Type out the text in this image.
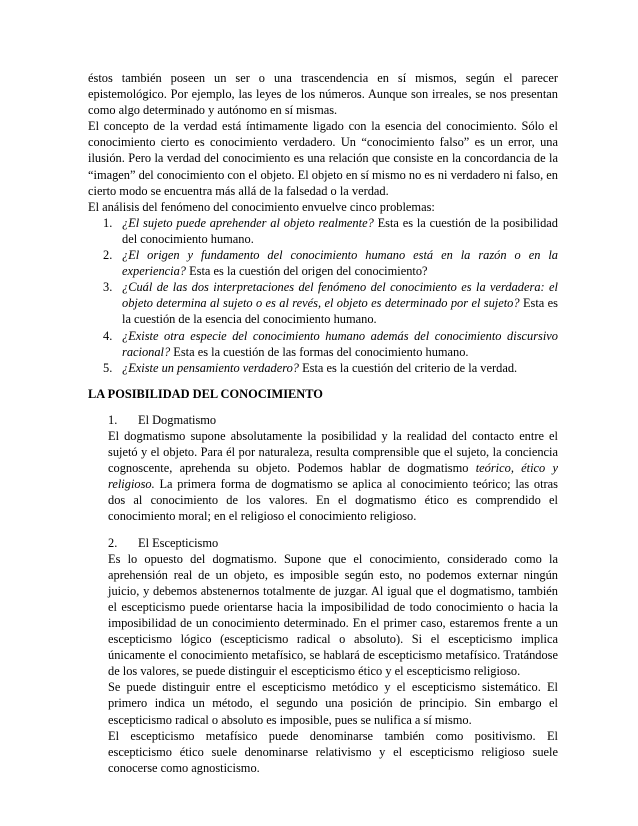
éstos también poseen un ser o una trascendencia en sí mismos, según el parecer epistemológico. Por ejemplo, las leyes de los números. Aunque son irreales, se nos presentan como algo determinado y autónomo en sí mismas.

El concepto de la verdad está íntimamente ligado con la esencia del conocimiento. Sólo el conocimiento cierto es conocimiento verdadero. Un “conocimiento falso” es un error, una ilusión. Pero la verdad del conocimiento es una relación que consiste en la concordancia de la “imagen” del conocimiento con el objeto. El objeto en sí mismo no es ni verdadero ni falso, en cierto modo se encuentra más allá de la falsedad o la verdad.

El análisis del fenómeno del conocimiento envuelve cinco problemas:

1. ¿El sujeto puede aprehender al objeto realmente? Esta es la cuestión de la posibilidad del conocimiento humano.
2. ¿El origen y fundamento del conocimiento humano está en la razón o en la experiencia? Esta es la cuestión del origen del conocimiento?
3. ¿Cuál de las dos interpretaciones del fenómeno del conocimiento es la verdadera: el objeto determina al sujeto o es al revés, el objeto es determinado por el sujeto? Esta es la cuestión de la esencia del conocimiento humano.
4. ¿Existe otra especie del conocimiento humano además del conocimiento discursivo racional? Esta es la cuestión de las formas del conocimiento humano.
5. ¿Existe un pensamiento verdadero? Esta es la cuestión del criterio de la verdad.
LA POSIBILIDAD DEL CONOCIMIENTO
1. El Dogmatismo

El dogmatismo supone absolutamente la posibilidad y la realidad del contacto entre el sujetó y el objeto. Para él por naturaleza, resulta comprensible que el sujeto, la conciencia cognoscente, aprehenda su objeto. Podemos hablar de dogmatismo teórico, ético y religioso. La primera forma de dogmatismo se aplica al conocimiento teórico; las otras dos al conocimiento de los valores. En el dogmatismo ético es comprendido el conocimiento moral; en el religioso el conocimiento religioso.

2. El Escepticismo

Es lo opuesto del dogmatismo. Supone que el conocimiento, considerado como la aprehensión real de un objeto, es imposible según esto, no podemos externar ningún juicio, y debemos abstenernos totalmente de juzgar. Al igual que el dogmatismo, también el escepticismo puede orientarse hacia la imposibilidad de todo conocimiento o hacia la imposibilidad de un conocimiento determinado. En el primer caso, estaremos frente a un escepticismo lógico (escepticismo radical o absoluto). Si el escepticismo implica únicamente el conocimiento metafísico, se hablará de escepticismo metafísico. Tratándose de los valores, se puede distinguir el escepticismo ético y el escepticismo religioso.

Se puede distinguir entre el escepticismo metódico y el escepticismo sistemático. El primero indica un método, el segundo una posición de principio. Sin embargo el escepticismo radical o absoluto es imposible, pues se nulifica a sí mismo.

El escepticismo metafísico puede denominarse también como positivismo. El escepticismo ético suele denominarse relativismo y el escepticismo religioso suele conocerse como agnosticismo.
